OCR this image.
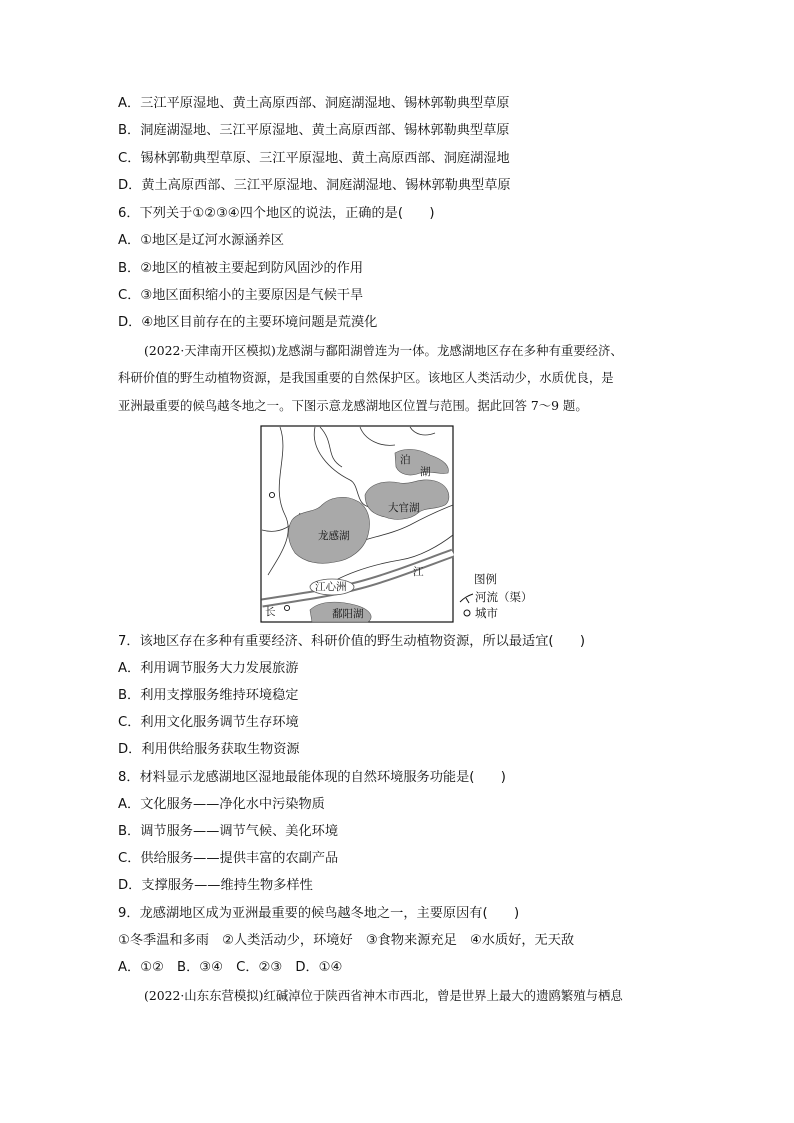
A．三江平原湿地、黄土高原西部、洞庭湖湿地、锡林郭勒典型草原
B．洞庭湖湿地、三江平原湿地、黄土高原西部、锡林郭勒典型草原
C．锡林郭勒典型草原、三江平原湿地、黄土高原西部、洞庭湖湿地
D．黄土高原西部、三江平原湿地、洞庭湖湿地、锡林郭勒典型草原
6．下列关于①②③④四个地区的说法，正确的是(　　)
A．①地区是辽河水源涵养区
B．②地区的植被主要起到防风固沙的作用
C．③地区面积缩小的主要原因是气候干旱
D．④地区目前存在的主要环境问题是荒漠化
(2022·天津南开区模拟)龙感湖与鄱阳湖曾连为一体。龙感湖地区存在多种有重要经济、
科研价值的野生动植物资源，是我国重要的自然保护区。该地区人类活动少，水质优良，是
亚洲最重要的候鸟越冬地之一。下图示意龙感湖地区位置与范围。据此回答 7～9 题。
泊
湖
大官湖
龙感湖
江
江心洲
长	鄱阳湖
图例
河流（渠）
城市
7．该地区存在多种有重要经济、科研价值的野生动植物资源，所以最适宜(　　)
A．利用调节服务大力发展旅游
B．利用支撑服务维持环境稳定
C．利用文化服务调节生存环境
D．利用供给服务获取生物资源
8．材料显示龙感湖地区湿地最能体现的自然环境服务功能是(　　)
A．文化服务——净化水中污染物质
B．调节服务——调节气候、美化环境
C．供给服务——提供丰富的农副产品
D．支撑服务——维持生物多样性
9．龙感湖地区成为亚洲最重要的候鸟越冬地之一，主要原因有(　　)
①冬季温和多雨　②人类活动少，环境好　③食物来源充足　④水质好，无天敌
A．①②　B．③④　C．②③　D．①④
(2022·山东东营模拟)红碱淖位于陕西省神木市西北，曾是世界上最大的遗鸥繁殖与栖息
